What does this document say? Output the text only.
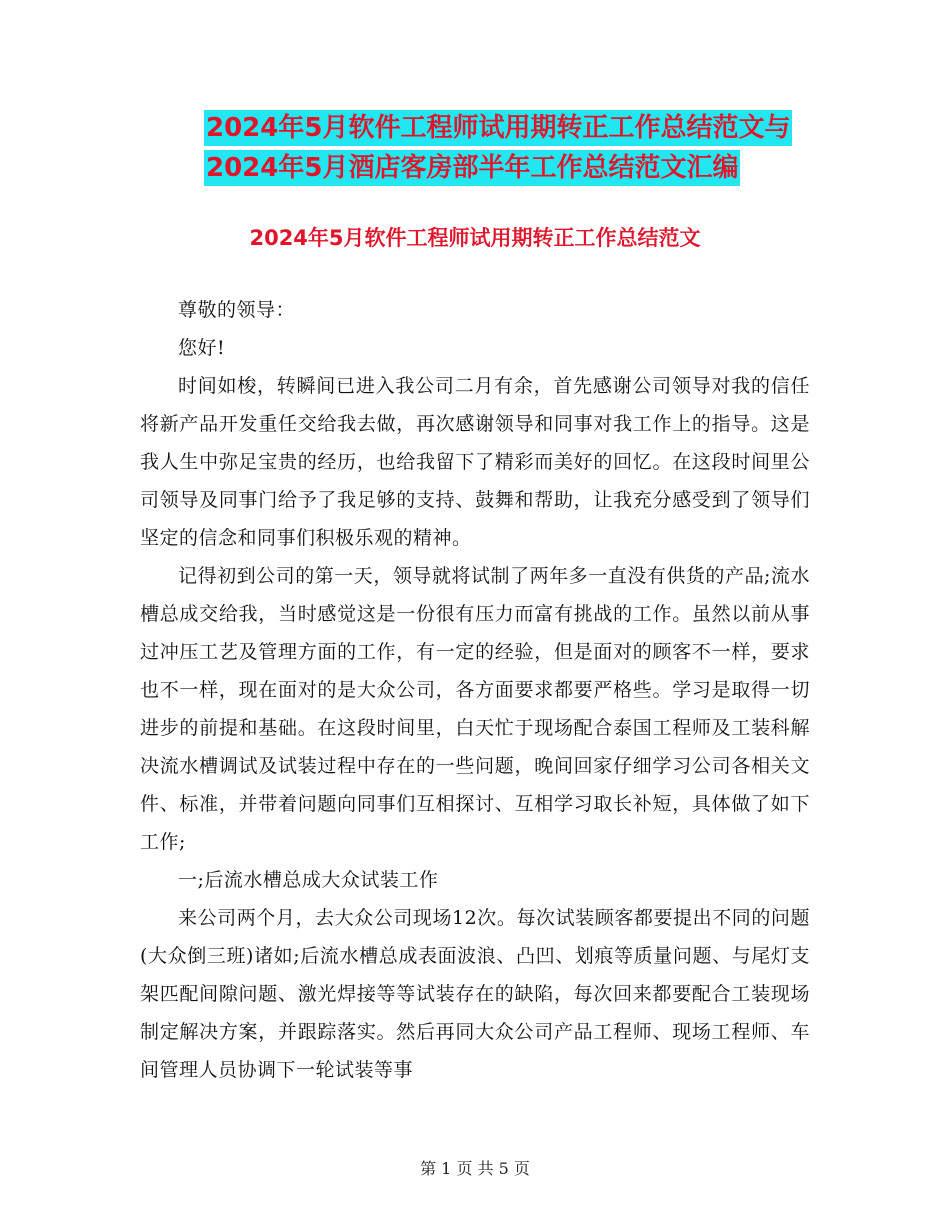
2024年5月软件工程师试用期转正工作总结范文与
2024年5月酒店客房部半年工作总结范文汇编
2024年5月软件工程师试用期转正工作总结范文

尊敬的领导：

您好!

时间如梭，转瞬间已进入我公司二月有余，首先感谢公司领导对我的信任将新产品开发重任交给我去做，再次感谢领导和同事对我工作上的指导。这是我人生中弥足宝贵的经历，也给我留下了精彩而美好的回忆。在这段时间里公司领导及同事门给予了我足够的支持、鼓舞和帮助，让我充分感受到了领导们坚定的信念和同事们积极乐观的精神。

记得初到公司的第一天，领导就将试制了两年多一直没有供货的产品;流水槽总成交给我，当时感觉这是一份很有压力而富有挑战的工作。虽然以前从事过冲压工艺及管理方面的工作，有一定的经验，但是面对的顾客不一样，要求也不一样，现在面对的是大众公司，各方面要求都要严格些。学习是取得一切进步的前提和基础。在这段时间里，白天忙于现场配合泰国工程师及工装科解决流水槽调试及试装过程中存在的一些问题，晚间回家仔细学习公司各相关文件、标准，并带着问题向同事们互相探讨、互相学习取长补短，具体做了如下工作;

一;后流水槽总成大众试装工作

来公司两个月，去大众公司现场12次。每次试装顾客都要提出不同的问题(大众倒三班)诸如;后流水槽总成表面波浪、凸凹、划痕等质量问题、与尾灯支架匹配间隙问题、激光焊接等等试装存在的缺陷，每次回来都要配合工装现场制定解决方案，并跟踪落实。然后再同大众公司产品工程师、现场工程师、车间管理人员协调下一轮试装等事

第 1 页 共 5 页
